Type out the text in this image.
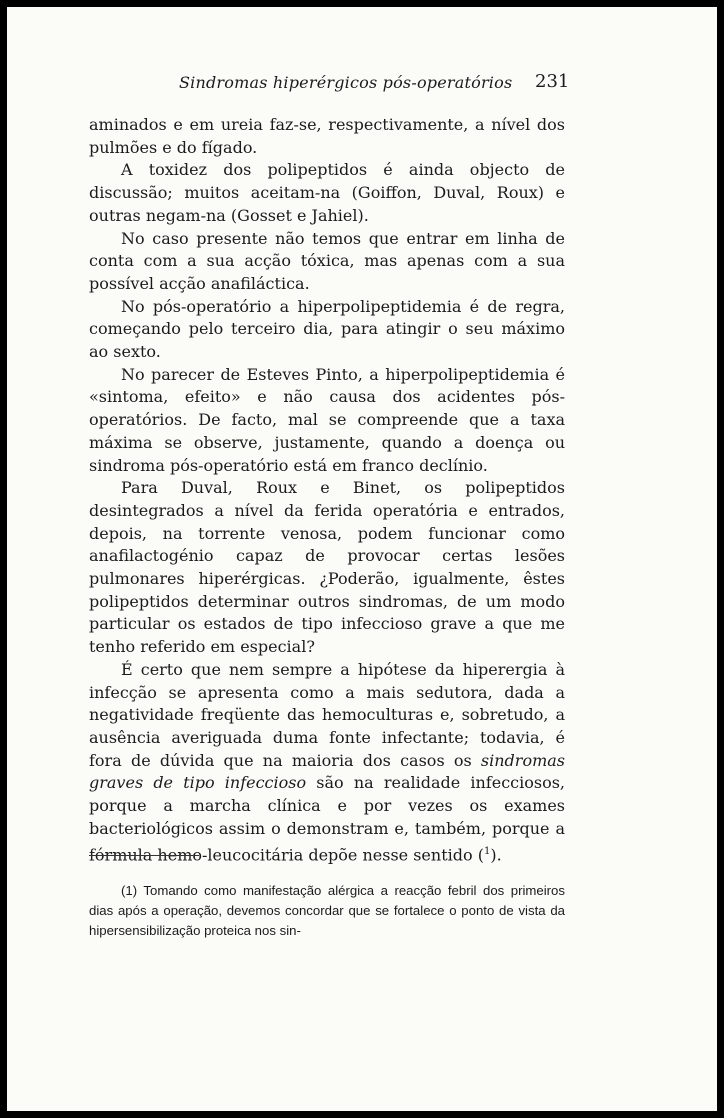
Sindromas hiperérgicos pós-operatórios 231

aminados e em ureia faz-se, respectivamente, a nível dos pulmões e do fígado.

A toxidez dos polipeptidos é ainda objecto de discussão; muitos aceitam-na (Goiffon, Duval, Roux) e outras negam-na (Gosset e Jahiel).

No caso presente não temos que entrar em linha de conta com a sua acção tóxica, mas apenas com a sua possível acção anafiláctica.

No pós-operatório a hiperpolipeptidemia é de regra, começando pelo terceiro dia, para atingir o seu máximo ao sexto.

No parecer de Esteves Pinto, a hiperpolipeptidemia é «sintoma, efeito» e não causa dos acidentes pós-operatórios. De facto, mal se compreende que a taxa máxima se observe, justamente, quando a doença ou sindroma pós-operatório está em franco declínio.

Para Duval, Roux e Binet, os polipeptidos desintegrados a nível da ferida operatória e entrados, depois, na torrente venosa, podem funcionar como anafilactogénio capaz de provocar certas lesões pulmonares hiperérgicas. ¿Poderão, igualmente, êstes polipeptidos determinar outros sindromas, de um modo particular os estados de tipo infeccioso grave a que me tenho referido em especial?

É certo que nem sempre a hipótese da hiperergia à infecção se apresenta como a mais sedutora, dada a negatividade freqüente das hemoculturas e, sobretudo, a ausência averiguada duma fonte infectante; todavia, é fora de dúvida que na maioria dos casos os sindromas graves de tipo infeccioso são na realidade infecciosos, porque a marcha clínica e por vezes os exames bacteriológicos assim o demonstram e, também, porque a fórmula hemo-leucocitária depõe nesse sentido ($^1$).

(1) Tomando como manifestação alérgica a reacção febril dos primeiros dias após a operação, devemos concordar que se fortalece o ponto de vista da hipersensibilização proteica nos sin-
